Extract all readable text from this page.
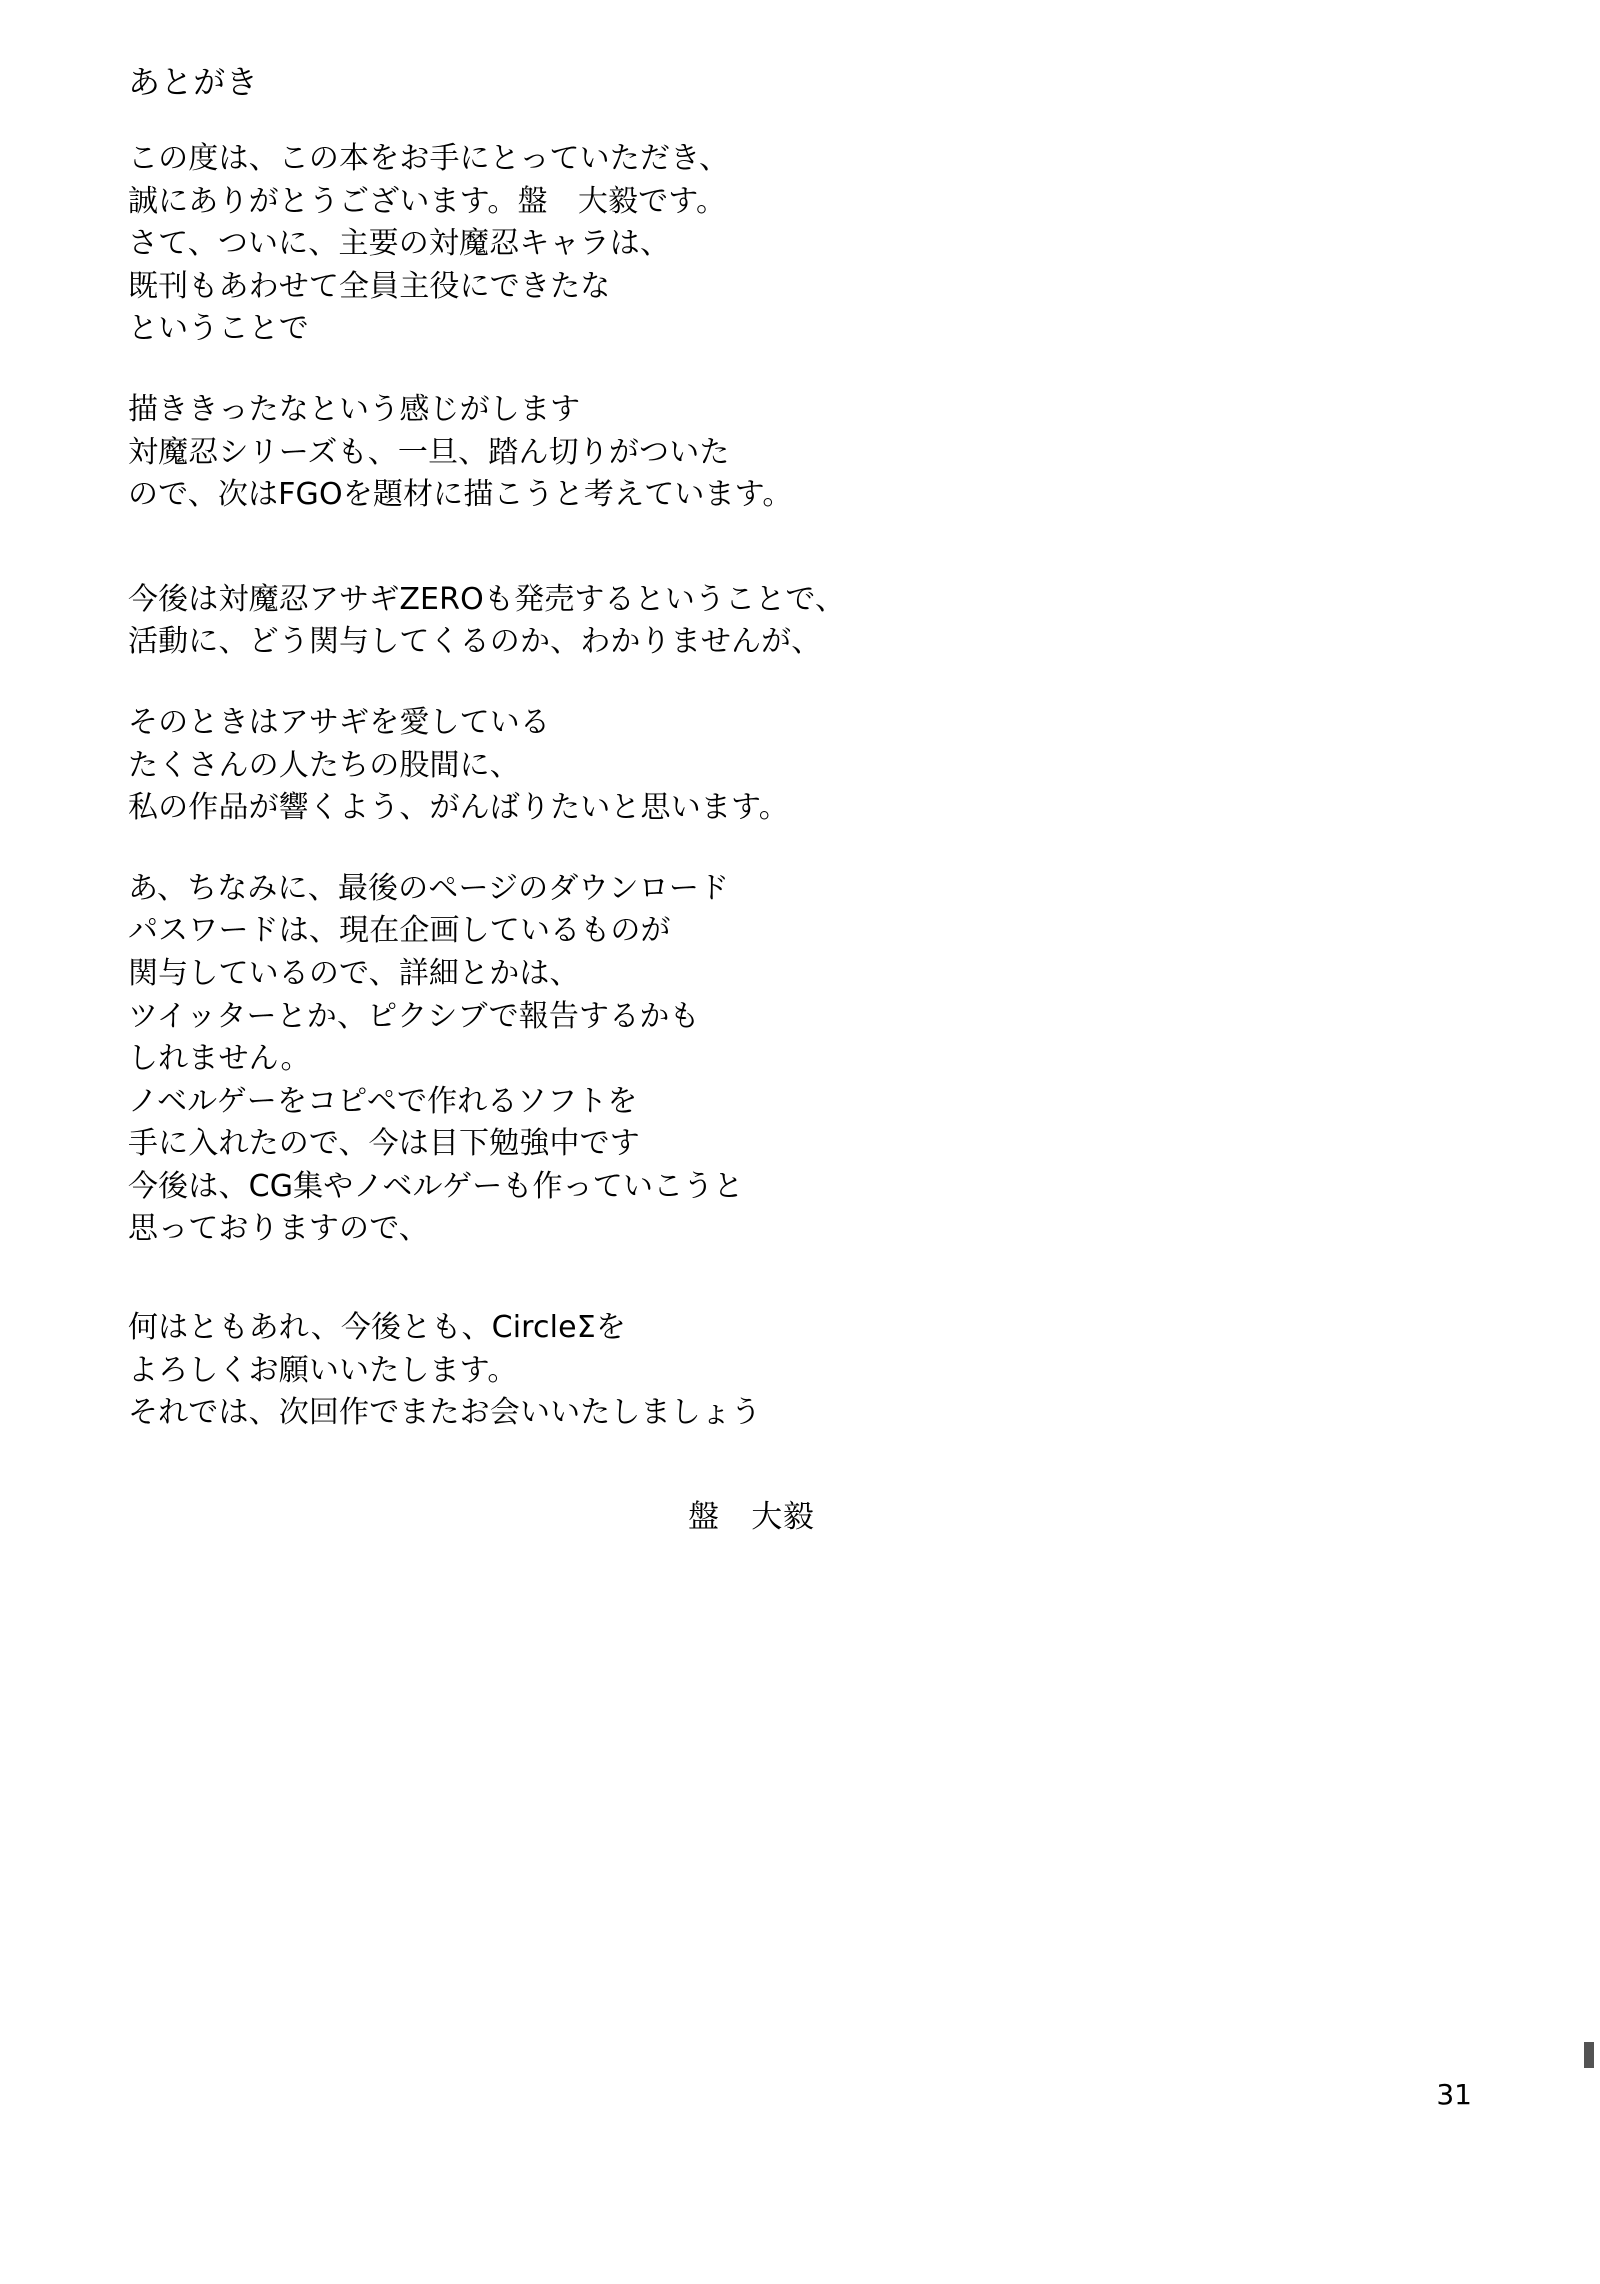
あとがき
この度は、この本をお手にとっていただき、
誠にありがとうございます。盤　大毅です。
さて、ついに、主要の対魔忍キャラは、
既刊もあわせて全員主役にできたな
ということで
描ききったなという感じがします
対魔忍シリーズも、一旦、踏ん切りがついた
ので、次はFGOを題材に描こうと考えています。
今後は対魔忍アサギZEROも発売するということで、
活動に、どう関与してくるのか、わかりませんが、
そのときはアサギを愛している
たくさんの人たちの股間に、
私の作品が響くよう、がんばりたいと思います。
あ、ちなみに、最後のページのダウンロード
パスワードは、現在企画しているものが
関与しているので、詳細とかは、
ツイッターとか、ピクシブで報告するかも
しれません。
ノベルゲーをコピペで作れるソフトを
手に入れたので、今は目下勉強中です
今後は、CG集やノベルゲーも作っていこうと
思っておりますので、
何はともあれ、今後とも、CircleΣを
よろしくお願いいたします。
それでは、次回作でまたお会いいたしましょう
盤　大毅
31
